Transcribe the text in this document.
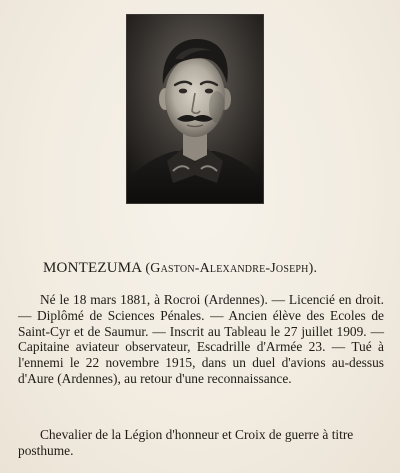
MONTEZUMA (Gaston-Alexandre-Joseph).

Né le 18 mars 1881, à Rocroi (Ardennes). — Licencié en droit. — Diplômé de Sciences Pénales. — Ancien élève des Ecoles de Saint-Cyr et de Saumur. — Inscrit au Tableau le 27 juillet 1909. — Capitaine aviateur observateur, Escadrille d'Armée 23. — Tué à l'ennemi le 22 novembre 1915, dans un duel d'avions au-dessus d'Aure (Ardennes), au retour d'une reconnaissance.

Chevalier de la Légion d'honneur et Croix de guerre à titre posthume.
